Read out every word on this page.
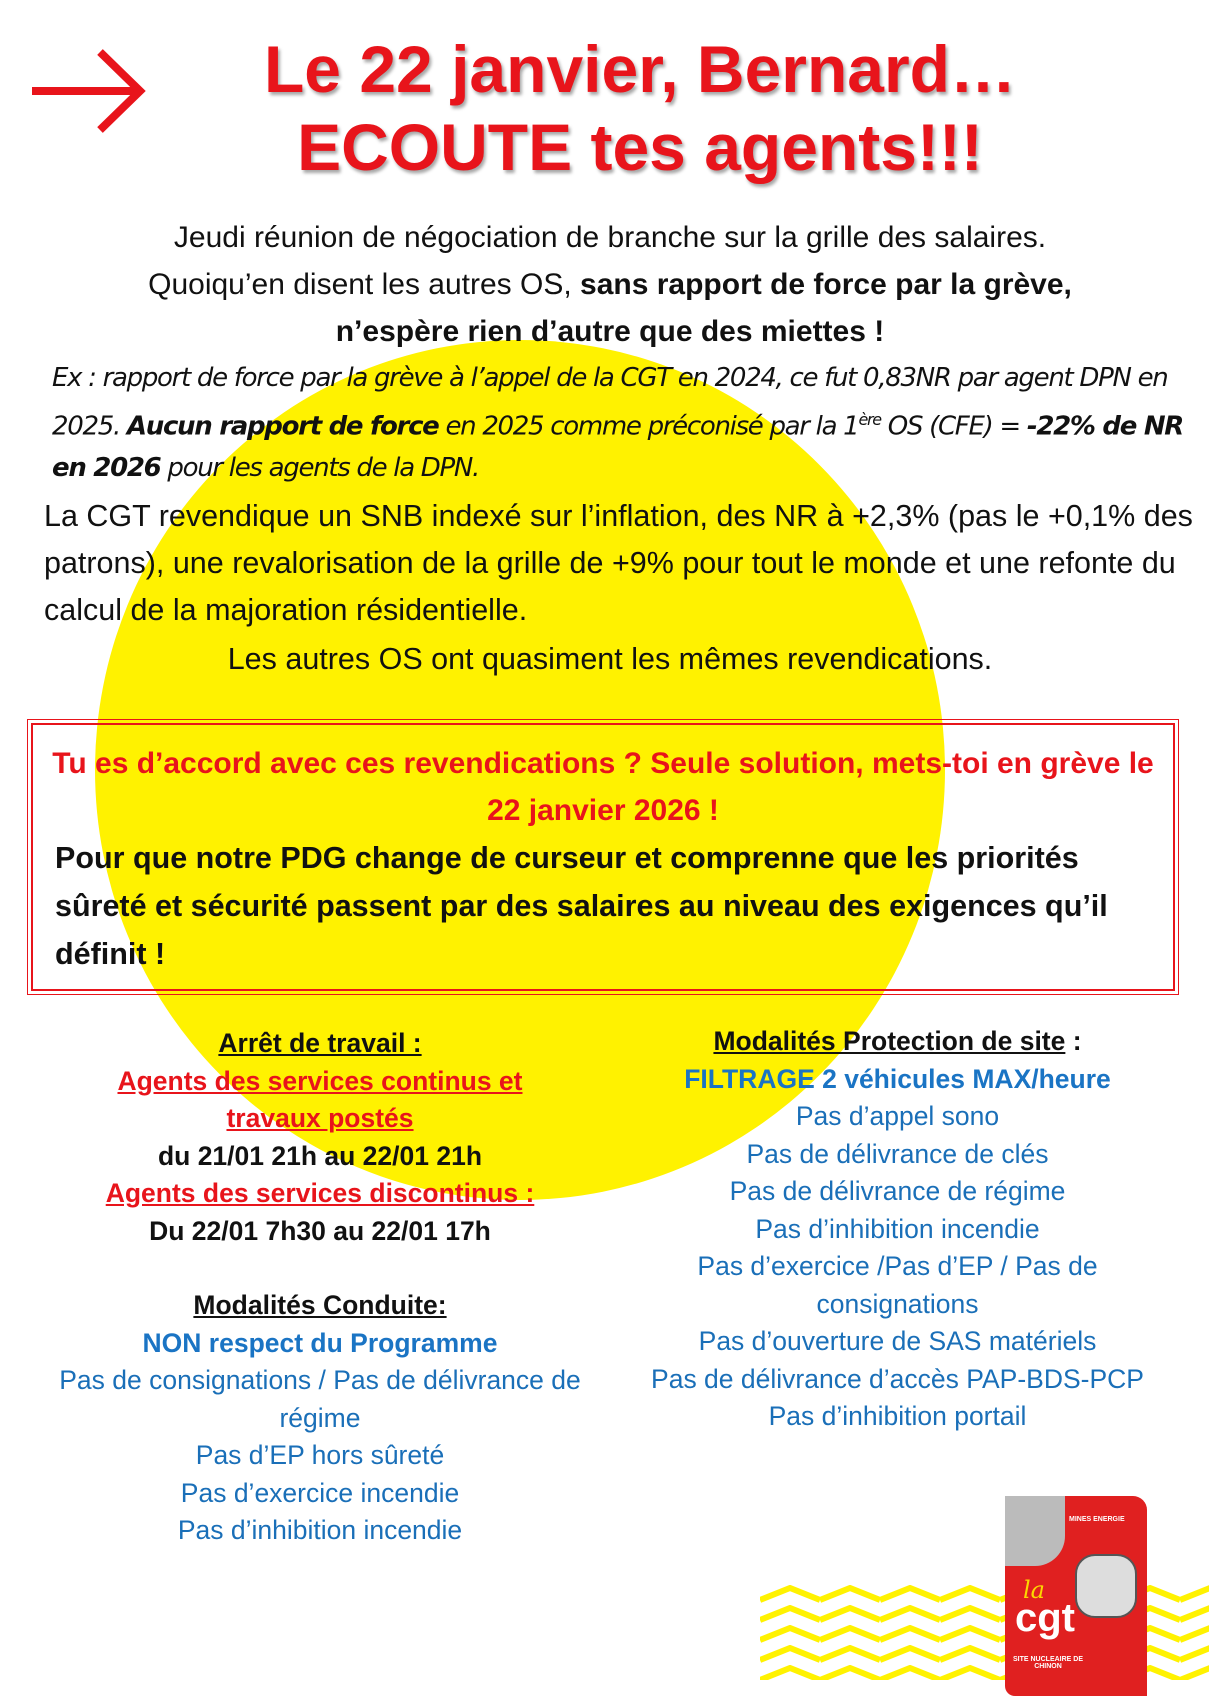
Le 22 janvier, Bernard…
ECOUTE tes agents!!!
Jeudi réunion de négociation de branche sur la grille des salaires.
Quoiqu’en disent les autres OS, sans rapport de force par la grève,
n’espère rien d’autre que des miettes !
Ex : rapport de force par la grève à l’appel de la CGT en 2024, ce fut 0,83NR par agent DPN en 2025. Aucun rapport de force en 2025 comme préconisé par la 1ère OS (CFE) = -22% de NR en 2026 pour les agents de la DPN.
La CGT revendique un SNB indexé sur l’inflation, des NR à +2,3% (pas le +0,1% des patrons), une revalorisation de la grille de +9% pour tout le monde et une refonte du calcul de la majoration résidentielle.
Les autres OS ont quasiment les mêmes revendications.
Tu es d’accord avec ces revendications ? Seule solution, mets-toi en grève le 22 janvier 2026 !
Pour que notre PDG change de curseur et comprenne que les priorités sûreté et sécurité passent par des salaires au niveau des exigences qu’il définit !
Arrêt de travail :
Agents des services continus et travaux postés
du 21/01 21h au 22/01 21h
Agents des services discontinus :
Du 22/01 7h30 au 22/01 17h
Modalités Conduite:
NON respect du Programme
Pas de consignations / Pas de délivrance de régime
Pas d’EP hors sûreté
Pas d’exercice incendie
Pas d’inhibition incendie
Modalités Protection de site :
FILTRAGE 2 véhicules MAX/heure
Pas d’appel sono
Pas de délivrance de clés
Pas de délivrance de régime
Pas d’inhibition incendie
Pas d’exercice /Pas d’EP / Pas de consignations
Pas d’ouverture de SAS matériels
Pas de délivrance d’accès PAP-BDS-PCP
Pas d’inhibition portail
MINES ENERGIE
la
cgt
SITE NUCLEAIRE DE CHINON
